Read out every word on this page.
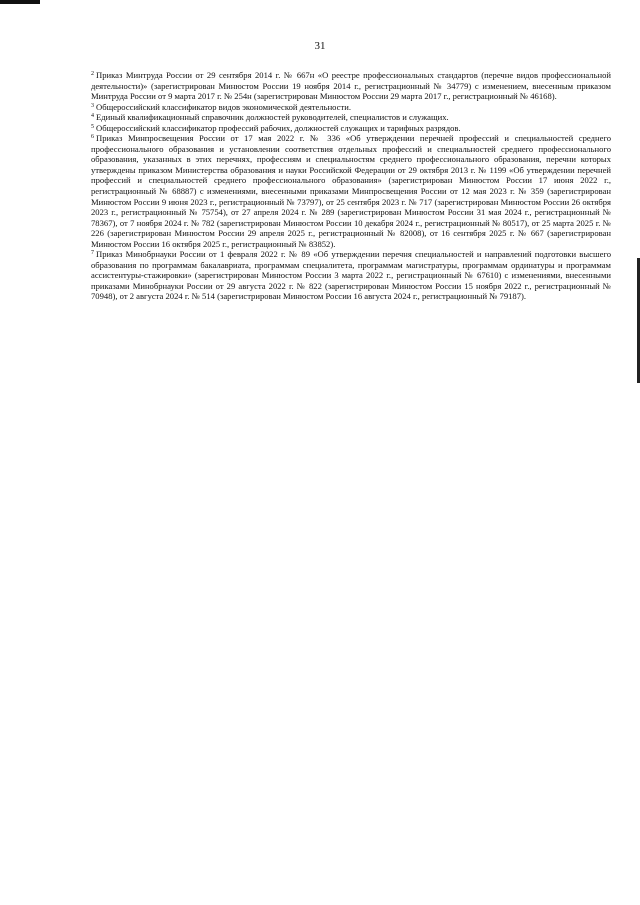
31

$^2$ Приказ Минтруда России от 29 сентября 2014 г. № 667н «О реестре профессиональных стандартов (перечне видов профессиональной деятельности)» (зарегистрирован Минюстом России 19 ноября 2014 г., регистрационный № 34779) с изменением, внесенным приказом Минтруда России от 9 марта 2017 г. № 254н (зарегистрирован Минюстом России 29 марта 2017 г., регистрационный № 46168).

$^3$ Общероссийский классификатор видов экономической деятельности.

$^4$ Единый квалификационный справочник должностей руководителей, специалистов и служащих.

$^5$ Общероссийский классификатор профессий рабочих, должностей служащих и тарифных разрядов.

$^6$ Приказ Минпросвещения России от 17 мая 2022 г. № 336 «Об утверждении перечней профессий и специальностей среднего профессионального образования и установлении соответствия отдельных профессий и специальностей среднего профессионального образования, указанных в этих перечнях, профессиям и специальностям среднего профессионального образования, перечни которых утверждены приказом Министерства образования и науки Российской Федерации от 29 октября 2013 г. № 1199 «Об утверждении перечней профессий и специальностей среднего профессионального образования» (зарегистрирован Минюстом России 17 июня 2022 г., регистрационный № 68887) с изменениями, внесенными приказами Минпросвещения России от 12 мая 2023 г. № 359 (зарегистрирован Минюстом России 9 июня 2023 г., регистрационный № 73797), от 25 сентября 2023 г. № 717 (зарегистрирован Минюстом России 26 октября 2023 г., регистрационный № 75754), от 27 апреля 2024 г. № 289 (зарегистрирован Минюстом России 31 мая 2024 г., регистрационный № 78367), от 7 ноября 2024 г. № 782 (зарегистрирован Минюстом России 10 декабря 2024 г., регистрационный № 80517), от 25 марта 2025 г. № 226 (зарегистрирован Минюстом России 29 апреля 2025 г., регистрационный № 82008), от 16 сентября 2025 г. № 667 (зарегистрирован Минюстом России 16 октября 2025 г., регистрационный № 83852).

$^7$ Приказ Минобрнауки России от 1 февраля 2022 г. № 89 «Об утверждении перечня специальностей и направлений подготовки высшего образования по программам бакалавриата, программам специалитета, программам магистратуры, программам ординатуры и программам ассистентуры-стажировки» (зарегистрирован Минюстом России 3 марта 2022 г., регистрационный № 67610) с изменениями, внесенными приказами Минобрнауки России от 29 августа 2022 г. № 822 (зарегистрирован Минюстом России 15 ноября 2022 г., регистрационный № 70948), от 2 августа 2024 г. № 514 (зарегистрирован Минюстом России 16 августа 2024 г., регистрационный № 79187).
